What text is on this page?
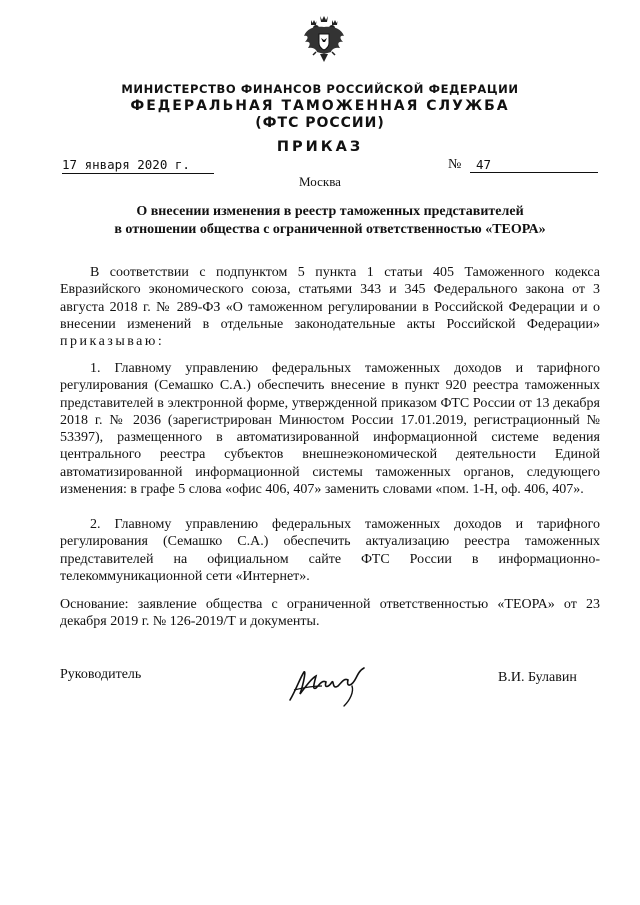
МИНИСТЕРСТВО ФИНАНСОВ РОССИЙСКОЙ ФЕДЕРАЦИИ
ФЕДЕРАЛЬНАЯ ТАМОЖЕННАЯ СЛУЖБА
(ФТС РОССИИ)
ПРИКАЗ
17 января 2020 г.	№	47
Москва
О внесении изменения в реестр таможенных представителей
в отношении общества с ограниченной ответственностью «ТЕОРА»
В соответствии с подпунктом 5 пункта 1 статьи 405 Таможенного кодекса Евразийского экономического союза, статьями 343 и 345 Федерального закона от 3 августа 2018 г. № 289-ФЗ «О таможенном регулировании в Российской Федерации и о внесении изменений в отдельные законодательные акты Российской Федерации» приказываю:
1. Главному управлению федеральных таможенных доходов и тарифного регулирования (Семашко С.А.) обеспечить внесение в пункт 920 реестра таможенных представителей в электронной форме, утвержденной приказом ФТС России от 13 декабря 2018 г. № 2036 (зарегистрирован Минюстом России 17.01.2019, регистрационный № 53397), размещенного в автоматизированной информационной системе ведения центрального реестра субъектов внешнеэкономической деятельности Единой автоматизированной информационной системы таможенных органов, следующего изменения: в графе 5 слова «офис 406, 407» заменить словами «пом. 1-Н, оф. 406, 407».
2. Главному управлению федеральных таможенных доходов и тарифного регулирования (Семашко С.А.) обеспечить актуализацию реестра таможенных представителей на официальном сайте ФТС России в информационно-телекоммуникационной сети «Интернет».
Основание: заявление общества с ограниченной ответственностью «ТЕОРА» от 23 декабря 2019 г. № 126-2019/Т и документы.
Руководитель	В.И. Булавин
